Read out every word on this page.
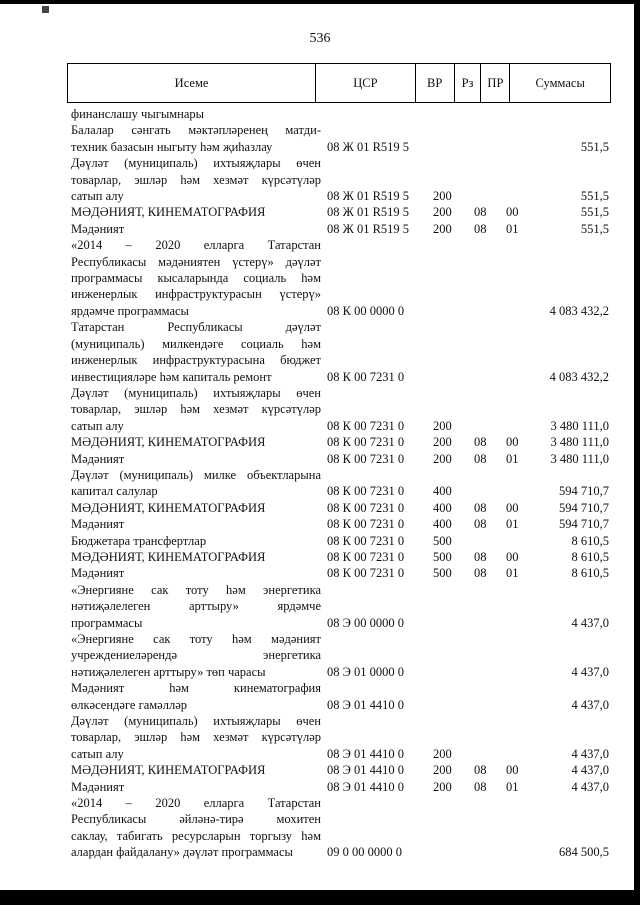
536
Исеме	ЦСР	ВР	Рз	ПР	Суммасы
финанслашу чыгымнары
Балалар сәнгать мәктәпләренең матди-
техник базасын ныгыту һәм җиһазлау	08 Ж 01 R519 5	551,5
Дәүләт (муниципаль) ихтыяҗлары өчен
товарлар, эшләр һәм хезмәт күрсәтүләр
сатып алу	08 Ж 01 R519 5	200	551,5
МӘДӘНИЯТ, КИНЕМАТОГРАФИЯ	08 Ж 01 R519 5	200	08	00	551,5
Мәдәният	08 Ж 01 R519 5	200	08	01	551,5
«2014 – 2020 елларга Татарстан
Республикасы мәдәниятен үстерү» дәүләт
программасы кысаларында социаль һәм
инженерлык инфраструктурасын үстерү»
ярдәмче программасы	08 К 00 0000 0	4 083 432,2
Татарстан Республикасы дәүләт
(муниципаль) милкендәге социаль һәм
инженерлык инфраструктурасына бюджет
инвестицияләре һәм капиталь ремонт	08 К 00 7231 0	4 083 432,2
Дәүләт (муниципаль) ихтыяҗлары өчен
товарлар, эшләр һәм хезмәт күрсәтүләр
сатып алу	08 К 00 7231 0	200	3 480 111,0
МӘДӘНИЯТ, КИНЕМАТОГРАФИЯ	08 К 00 7231 0	200	08	00	3 480 111,0
Мәдәният	08 К 00 7231 0	200	08	01	3 480 111,0
Дәүләт (муниципаль) милке объектларына
капитал салулар	08 К 00 7231 0	400	594 710,7
МӘДӘНИЯТ, КИНЕМАТОГРАФИЯ	08 К 00 7231 0	400	08	00	594 710,7
Мәдәният	08 К 00 7231 0	400	08	01	594 710,7
Бюджетара трансфертлар	08 К 00 7231 0	500	8 610,5
МӘДӘНИЯТ, КИНЕМАТОГРАФИЯ	08 К 00 7231 0	500	08	00	8 610,5
Мәдәният	08 К 00 7231 0	500	08	01	8 610,5
«Энергияне сак тоту һәм энергетика
нәтиҗәлелеген арттыру» ярдәмче
программасы	08 Э 00 0000 0	4 437,0
«Энергияне сак тоту һәм мәдәният
учреждениеләрендә энергетика
нәтиҗәлелеген арттыру» төп чарасы	08 Э 01 0000 0	4 437,0
Мәдәният һәм кинематография
өлкәсендәге гамәлләр	08 Э 01 4410 0	4 437,0
Дәүләт (муниципаль) ихтыяҗлары өчен
товарлар, эшләр һәм хезмәт күрсәтүләр
сатып алу	08 Э 01 4410 0	200	4 437,0
МӘДӘНИЯТ, КИНЕМАТОГРАФИЯ	08 Э 01 4410 0	200	08	00	4 437,0
Мәдәният	08 Э 01 4410 0	200	08	01	4 437,0
«2014 – 2020 елларга Татарстан
Республикасы әйләнә-тирә мохитен
саклау, табигать ресурсларын торгызу һәм
алардан файдалану» дәүләт программасы	09 0 00 0000 0	684 500,5
